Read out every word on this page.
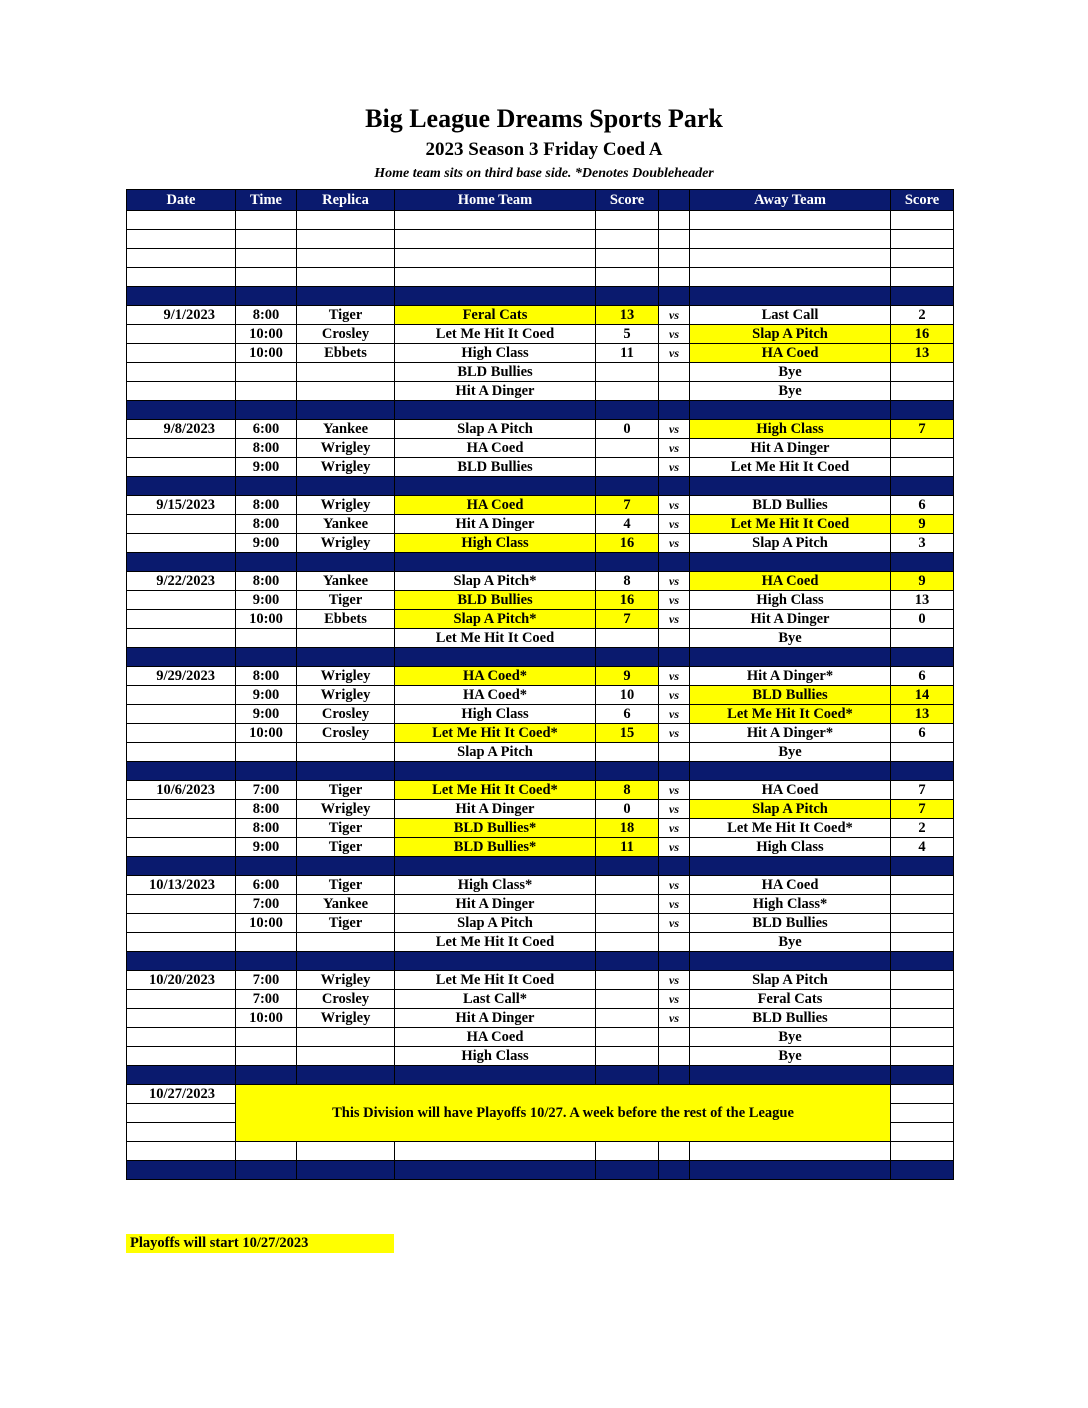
Big League Dreams Sports Park
2023 Season 3 Friday Coed A
Home team sits on third base side. *Denotes Doubleheader
Date	Time	Replica	Home Team	Score		Away Team	Score

9/1/2023	8:00	Tiger	Feral Cats	13	vs	Last Call	2
	10:00	Crosley	Let Me Hit It Coed	5	vs	Slap A Pitch	16
	10:00	Ebbets	High Class	11	vs	HA Coed	13
			BLD Bullies			Bye	
			Hit A Dinger			Bye	

9/8/2023	6:00	Yankee	Slap A Pitch	0	vs	High Class	7
	8:00	Wrigley	HA Coed		vs	Hit A Dinger	
	9:00	Wrigley	BLD Bullies		vs	Let Me Hit It Coed	

9/15/2023	8:00	Wrigley	HA Coed	7	vs	BLD Bullies	6
	8:00	Yankee	Hit A Dinger	4	vs	Let Me Hit It Coed	9
	9:00	Wrigley	High Class	16	vs	Slap A Pitch	3

9/22/2023	8:00	Yankee	Slap A Pitch*	8	vs	HA Coed	9
	9:00	Tiger	BLD Bullies	16	vs	High Class	13
	10:00	Ebbets	Slap A Pitch*	7	vs	Hit A Dinger	0
			Let Me Hit It Coed			Bye	

9/29/2023	8:00	Wrigley	HA Coed*	9	vs	Hit A Dinger*	6
	9:00	Wrigley	HA Coed*	10	vs	BLD Bullies	14
	9:00	Crosley	High Class	6	vs	Let Me Hit It Coed*	13
	10:00	Crosley	Let Me Hit It Coed*	15	vs	Hit A Dinger*	6
			Slap A Pitch			Bye	

10/6/2023	7:00	Tiger	Let Me Hit It Coed*	8	vs	HA Coed	7
	8:00	Wrigley	Hit A Dinger	0	vs	Slap A Pitch	7
	8:00	Tiger	BLD Bullies*	18	vs	Let Me Hit It Coed*	2
	9:00	Tiger	BLD Bullies*	11	vs	High Class	4

10/13/2023	6:00	Tiger	High Class*		vs	HA Coed	
	7:00	Yankee	Hit A Dinger		vs	High Class*	
	10:00	Tiger	Slap A Pitch		vs	BLD Bullies	
			Let Me Hit It Coed			Bye	

10/20/2023	7:00	Wrigley	Let Me Hit It Coed		vs	Slap A Pitch	
	7:00	Crosley	Last Call*		vs	Feral Cats	
	10:00	Wrigley	Hit A Dinger		vs	BLD Bullies	
			HA Coed			Bye	
			High Class			Bye	

10/27/2023	This Division will have Playoffs 10/27. A week before the rest of the League						

Playoffs will start 10/27/2023
